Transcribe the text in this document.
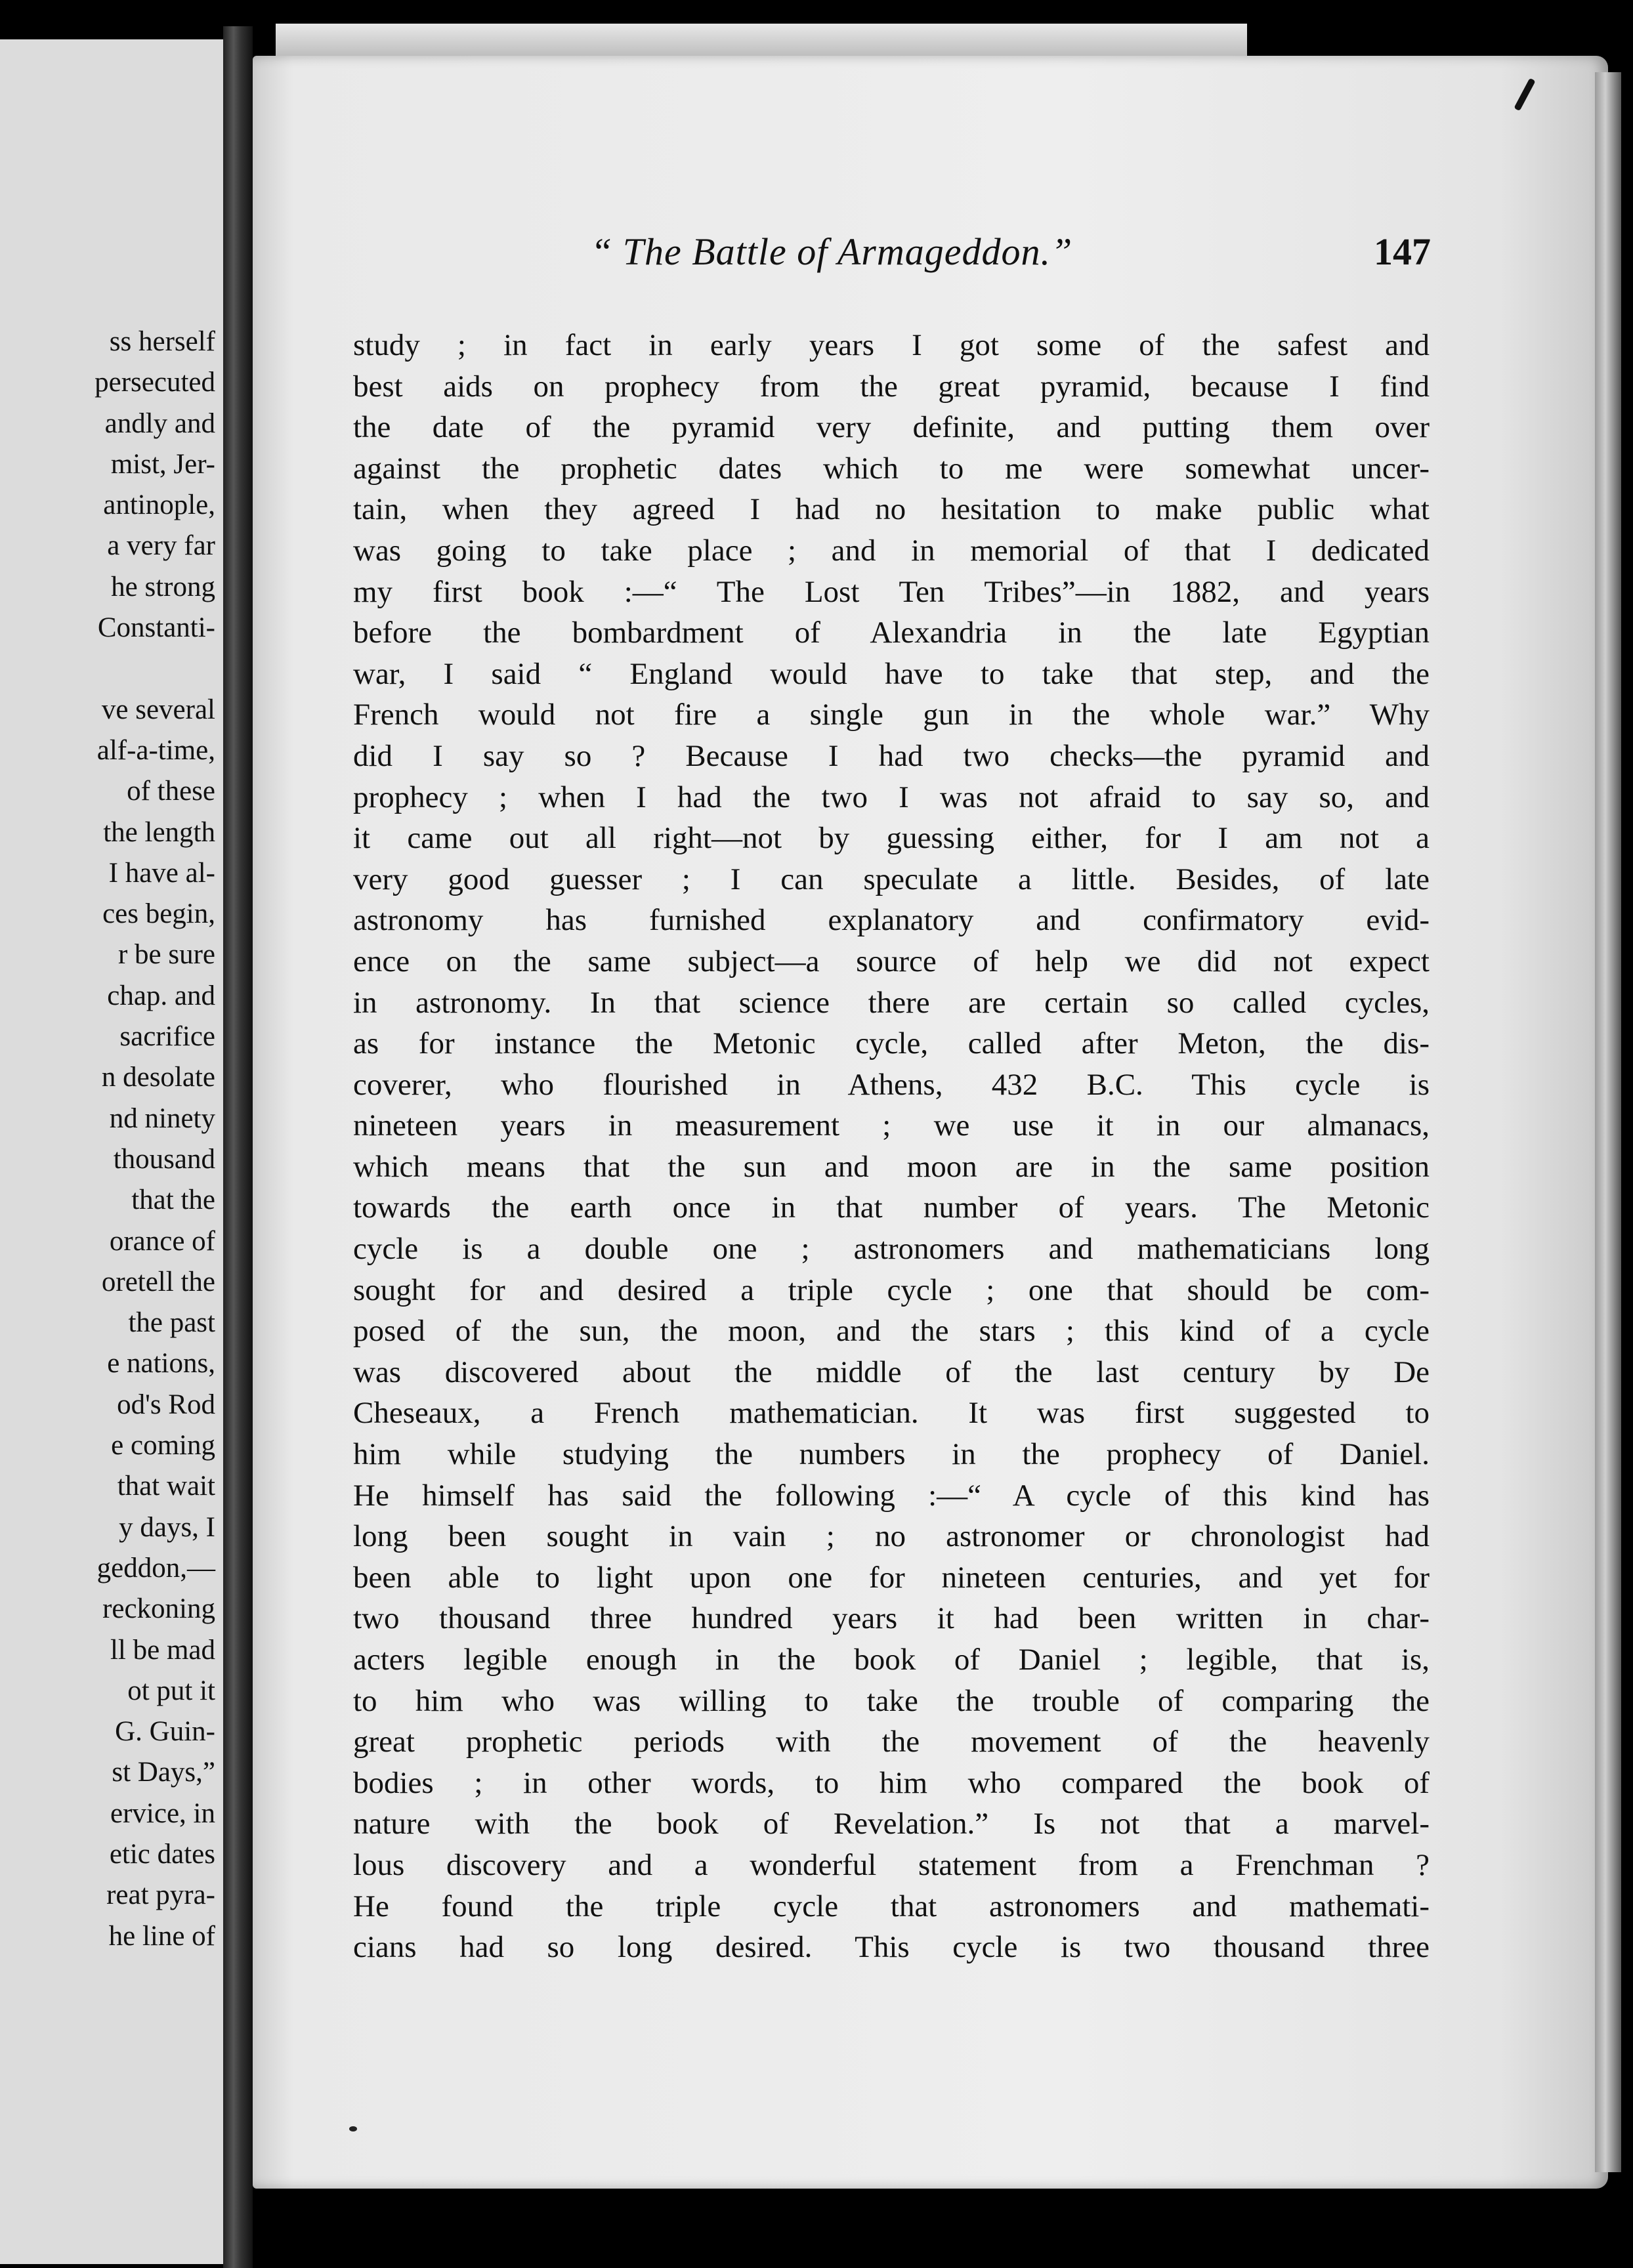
ss herself
persecuted
andly and
mist, Jer-
antinople,
a very far
he strong
Constanti-
ve several
alf-a-time,
of these
the length
I have al-
ces begin,
r be sure
chap. and
sacrifice
n desolate
nd ninety
thousand
that the
orance of
oretell the
the past
e nations,
od's Rod
e coming
that wait
y days, I
geddon,—
reckoning
ll be mad
ot put it
G. Guin-
st Days,”
ervice, in
etic dates
reat pyra-
he line of
“ The Battle of Armageddon.”	147
study ; in fact in early years I got some of the safest and
best aids on prophecy from the great pyramid, because I find
the date of the pyramid very definite, and putting them over
against the prophetic dates which to me were somewhat uncer-
tain, when they agreed I had no hesitation to make public what
was going to take place ; and in memorial of that I dedicated
my first book :—“ The Lost Ten Tribes”—in 1882, and years
before the bombardment of Alexandria in the late Egyptian
war, I said “ England would have to take that step, and the
French would not fire a single gun in the whole war.” Why
did I say so ? Because I had two checks—the pyramid and
prophecy ; when I had the two I was not afraid to say so, and
it came out all right—not by guessing either, for I am not a
very good guesser ; I can speculate a little. Besides, of late
astronomy has furnished explanatory and confirmatory evid-
ence on the same subject—a source of help we did not expect
in astronomy. In that science there are certain so called cycles,
as for instance the Metonic cycle, called after Meton, the dis-
coverer, who flourished in Athens, 432 B.C. This cycle is
nineteen years in measurement ; we use it in our almanacs,
which means that the sun and moon are in the same position
towards the earth once in that number of years. The Metonic
cycle is a double one ; astronomers and mathematicians long
sought for and desired a triple cycle ; one that should be com-
posed of the sun, the moon, and the stars ; this kind of a cycle
was discovered about the middle of the last century by De
Cheseaux, a French mathematician. It was first suggested to
him while studying the numbers in the prophecy of Daniel.
He himself has said the following :—“ A cycle of this kind has
long been sought in vain ; no astronomer or chronologist had
been able to light upon one for nineteen centuries, and yet for
two thousand three hundred years it had been written in char-
acters legible enough in the book of Daniel ; legible, that is,
to him who was willing to take the trouble of comparing the
great prophetic periods with the movement of the heavenly
bodies ; in other words, to him who compared the book of
nature with the book of Revelation.” Is not that a marvel-
lous discovery and a wonderful statement from a Frenchman ?
He found the triple cycle that astronomers and mathemati-
cians had so long desired. This cycle is two thousand three
